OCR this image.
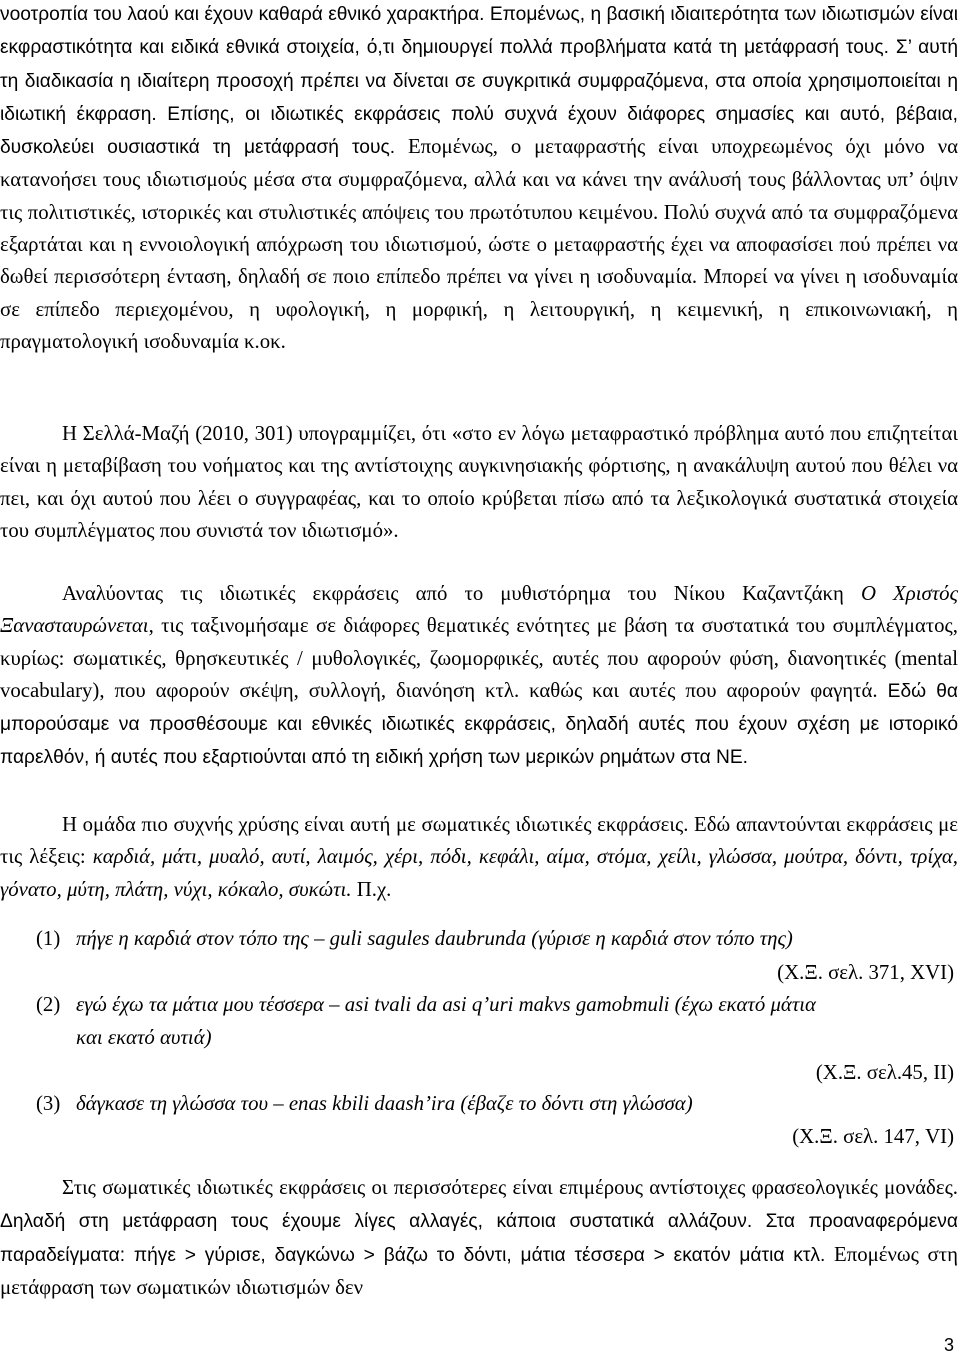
νοοτροπία του λαού και έχουν καθαρά εθνικό χαρακτήρα. Επομένως, η βασική ιδιαιτερότητα των ιδιωτισμών είναι εκφραστικότητα και ειδικά εθνικά στοιχεία, ό,τι δημιουργεί πολλά προβλήματα κατά τη μετάφρασή τους. Σ’ αυτή τη διαδικασία η ιδιαίτερη προσοχή πρέπει να δίνεται σε συγκριτικά συμφραζόμενα, στα οποία χρησιμοποιείται η ιδιωτική έκφραση. Επίσης, οι ιδιωτικές εκφράσεις πολύ συχνά έχουν διάφορες σημασίες και αυτό, βέβαια, δυσκολεύει ουσιαστικά τη μετάφρασή τους. Επομένως, ο μεταφραστής είναι υποχρεωμένος όχι μόνο να κατανοήσει τους ιδιωτισμούς μέσα στα συμφραζόμενα, αλλά και να κάνει την ανάλυσή τους βάλλοντας υπ’ όψιν τις πολιτιστικές, ιστορικές και στυλιστικές απόψεις του πρωτότυπου κειμένου. Πολύ συχνά από τα συμφραζόμενα εξαρτάται και η εννοιολογική απόχρωση του ιδιωτισμού, ώστε ο μεταφραστής έχει να αποφασίσει πού πρέπει να δωθεί περισσότερη ένταση, δηλαδή σε ποιο επίπεδο πρέπει να γίνει η ισοδυναμία. Μπορεί να γίνει η ισοδυναμία σε επίπεδο περιεχομένου, η υφολογική, η μορφική, η λειτουργική, η κειμενική, η επικοινωνιακή, η πραγματολογική ισοδυναμία κ.οκ.

Η Σελλά-Μαζή (2010, 301) υπογραμμίζει, ότι «στο εν λόγω μεταφραστικό πρόβλημα αυτό που επιζητείται είναι η μεταβίβαση του νοήματος και της αντίστοιχης αυγκινησιακής φόρτισης, η ανακάλυψη αυτού που θέλει να πει, και όχι αυτού που λέει ο συγγραφέας, και το οποίο κρύβεται πίσω από τα λεξικολογικά συστατικά στοιχεία του συμπλέγματος που συνιστά τον ιδιωτισμό».

Αναλύοντας τις ιδιωτικές εκφράσεις από το μυθιστόρημα του Νίκου Καζαντζάκη Ο Χριστός Ξανασταυρώνεται, τις ταξινομήσαμε σε διάφορες θεματικές ενότητες με βάση τα συστατικά του συμπλέγματος, κυρίως: σωματικές, θρησκευτικές / μυθολογικές, ζωομορφικές, αυτές που αφορούν φύση, διανοητικές (mental vocabulary), που αφορούν σκέψη, συλλογή, διανόηση κτλ. καθώς και αυτές που αφορούν φαγητά. Εδώ θα μπορούσαμε να προσθέσουμε και εθνικές ιδιωτικές εκφράσεις, δηλαδή αυτές που έχουν σχέση με ιστορικό παρελθόν, ή αυτές που εξαρτιούνται από τη ειδική χρήση των μερικών ρημάτων στα ΝΕ.

Η ομάδα πιο συχνής χρύσης είναι αυτή με σωματικές ιδιωτικές εκφράσεις. Εδώ απαντούνται εκφράσεις με τις λέξεις: καρδιά, μάτι, μυαλό, αυτί, λαιμός, χέρι, πόδι, κεφάλι, αίμα, στόμα, χείλι, γλώσσα, μούτρα, δόντι, τρίχα, γόνατο, μύτη, πλάτη, νύχι, κόκαλο, συκώτι. Π.χ.

(1) πήγε η καρδιά στον τόπο της – guli sagules daubrunda (γύρισε η καρδιά στον τόπο της)
(Χ.Ξ. σελ. 371, XVI)
(2) εγώ έχω τα μάτια μου τέσσερα – asi tvali da asi q’uri makvs gamobmuli (έχω εκατό μάτια
και εκατό αυτιά)
(Χ.Ξ. σελ.45, II)
(3) δάγκασε τη γλώσσα του – enas kbili daash’ira (έβαζε το δόντι στη γλώσσα)
(Χ.Ξ. σελ. 147, VI)

Στις σωματικές ιδιωτικές εκφράσεις οι περισσότερες είναι επιμέρους αντίστοιχες φρασεολογικές μονάδες. Δηλαδή στη μετάφραση τους έχουμε λίγες αλλαγές, κάποια συστατικά αλλάζουν. Στα προαναφερόμενα παραδείγματα: πήγε > γύρισε, δαγκώνω > βάζω το δόντι, μάτια τέσσερα > εκατόν μάτια κτλ. Επομένως στη μετάφραση των σωματικών ιδιωτισμών δεν

3
